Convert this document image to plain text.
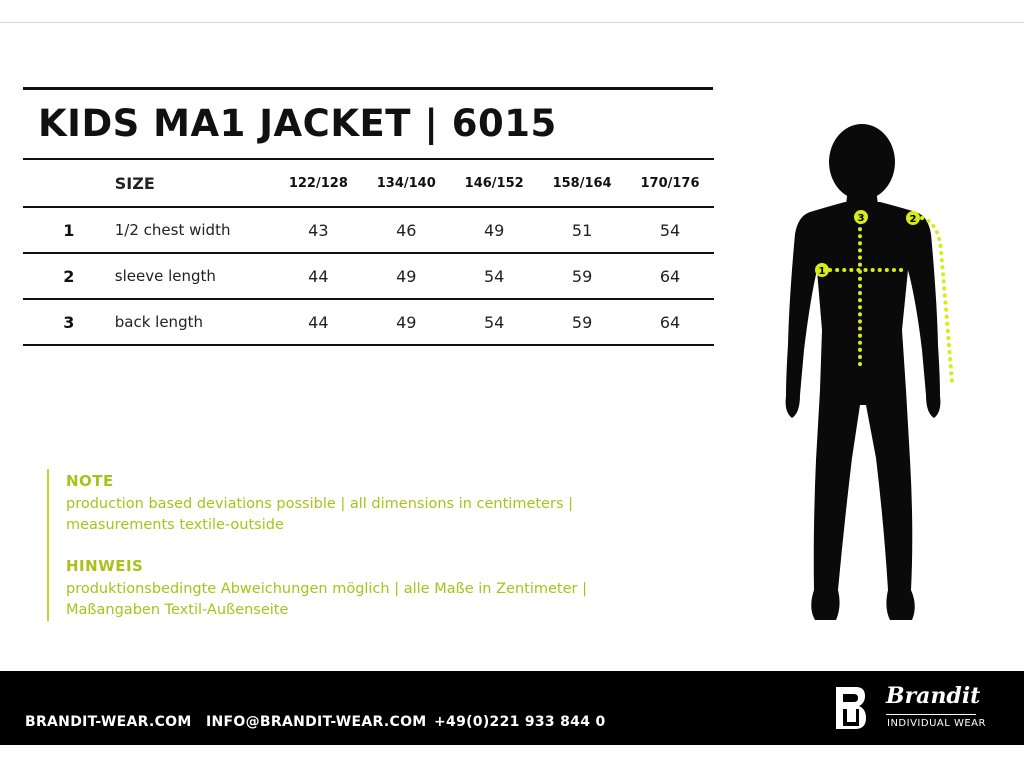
KIDS MA1 JACKET | 6015
	SIZE	122/128	134/140	146/152	158/164	170/176
1	1/2 chest width	43	46	49	51	54
2	sleeve length	44	49	54	59	64
3	back length	44	49	54	59	64
NOTE
production based deviations possible | all dimensions in centimeters |
measurements textile-outside
HINWEIS
produktionsbedingte Abweichungen möglich | alle Maße in Zentimeter |
Maßangaben Textil-Außenseite
1
2
3
BRANDIT-WEAR.COM INFO@BRANDIT-WEAR.COM +49(0)221 933 844 0
Brandit
INDIVIDUAL WEAR
